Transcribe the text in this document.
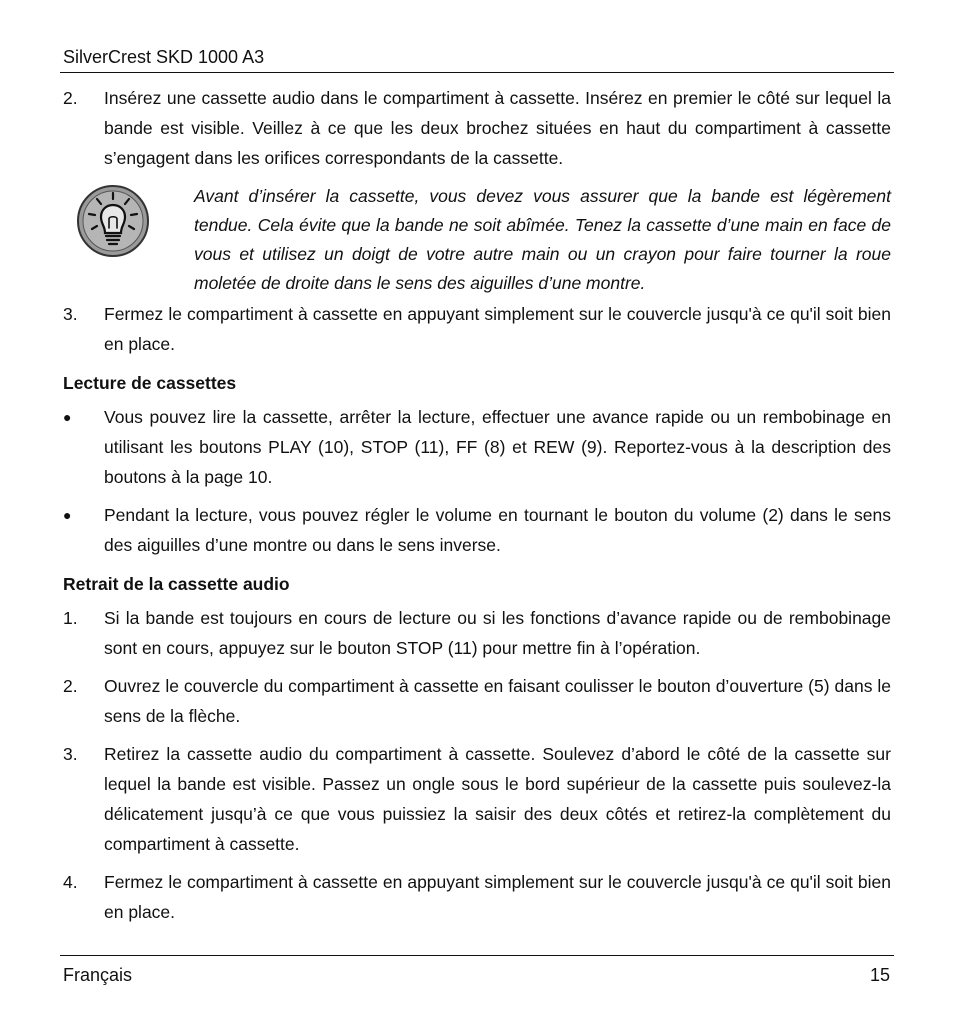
SilverCrest SKD 1000 A3
2.	Insérez une cassette audio dans le compartiment à cassette. Insérez en premier le côté sur lequel la bande est visible. Veillez à ce que les deux brochez situées en haut du compartiment à cassette s’engagent dans les orifices correspondants de la cassette.
Avant d’insérer la cassette, vous devez vous assurer que la bande est légèrement tendue. Cela évite que la bande ne soit abîmée. Tenez la cassette d’une main en face de vous et utilisez un doigt de votre autre main ou un crayon pour faire tourner la roue moletée de droite dans le sens des aiguilles d’une montre.
3.	Fermez le compartiment à cassette en appuyant simplement sur le couvercle jusqu'à ce qu'il soit bien en place.
Lecture de cassettes
●	Vous pouvez lire la cassette, arrêter la lecture, effectuer une avance rapide ou un rembobinage en utilisant les boutons PLAY (10), STOP (11), FF (8) et REW (9). Reportez-vous à la description des boutons à la page 10.
●	Pendant la lecture, vous pouvez régler le volume en tournant le bouton du volume (2) dans le sens des aiguilles d’une montre ou dans le sens inverse.
Retrait de la cassette audio
1.	Si la bande est toujours en cours de lecture ou si les fonctions d’avance rapide ou de rembobinage sont en cours, appuyez sur le bouton STOP (11) pour mettre fin à l’opération.
2.	Ouvrez le couvercle du compartiment à cassette en faisant coulisser le bouton d’ouverture (5) dans le sens de la flèche.
3.	Retirez la cassette audio du compartiment à cassette. Soulevez d’abord le côté de la cassette sur lequel la bande est visible. Passez un ongle sous le bord supérieur de la cassette puis soulevez-la délicatement jusqu’à ce que vous puissiez la saisir des deux côtés et retirez-la complètement du compartiment à cassette.
4.	Fermez le compartiment à cassette en appuyant simplement sur le couvercle jusqu'à ce qu'il soit bien en place.
Français	15
